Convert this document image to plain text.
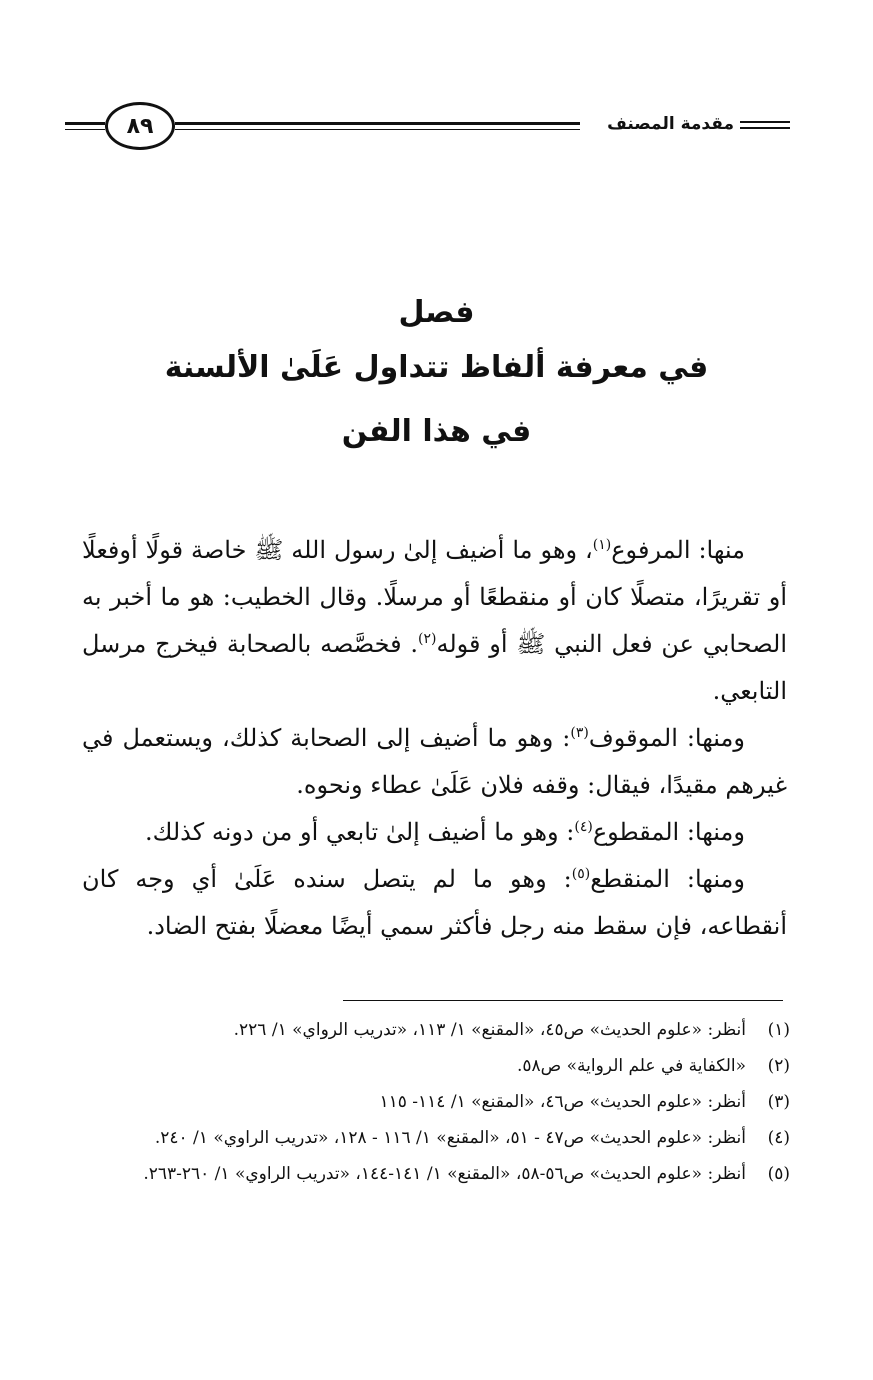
٨٩	مقدمة المصنف
فصل
في معرفة ألفاظ تتداول عَلَىٰ الألسنة
في هذا الفن

منها: المرفوع$^{(١)}$، وهو ما أضيف إلىٰ رسول الله ﷺ خاصة قولًا أوفعلًا أو تقريرًا، متصلًا كان أو منقطعًا أو مرسلًا. وقال الخطيب: هو ما أخبر به الصحابي عن فعل النبي ﷺ أو قوله$^{(٢)}$. فخصَّصه بالصحابة فيخرج مرسل التابعي.

ومنها: الموقوف$^{(٣)}$: وهو ما أضيف إلى الصحابة كذلك، ويستعمل في غيرهم مقيدًا، فيقال: وقفه فلان عَلَىٰ عطاء ونحوه.

ومنها: المقطوع$^{(٤)}$: وهو ما أضيف إلىٰ تابعي أو من دونه كذلك.

ومنها: المنقطع$^{(٥)}$: وهو ما لم يتصل سنده عَلَىٰ أي وجه كان أنقطاعه، فإن سقط منه رجل فأكثر سمي أيضًا معضلًا بفتح الضاد.

(١)
أنظر: «علوم الحديث» ص٤٥، «المقنع» ١/ ١١٣، «تدريب الرواي» ١/ ٢٢٦.
(٢)
«الكفاية في علم الرواية» ص٥٨.
(٣)
أنظر: «علوم الحديث» ص٤٦، «المقنع» ١/ ١١٤- ١١٥
(٤)
أنظر: «علوم الحديث» ص٤٧ - ٥١، «المقنع» ١/ ١١٦ - ١٢٨، «تدريب الراوي» ١/ ٢٤٠.
(٥)
أنظر: «علوم الحديث» ص٥٦-٥٨، «المقنع» ١/ ١٤١-١٤٤، «تدريب الراوي» ١/ ٢٦٠-٢٦٣.
